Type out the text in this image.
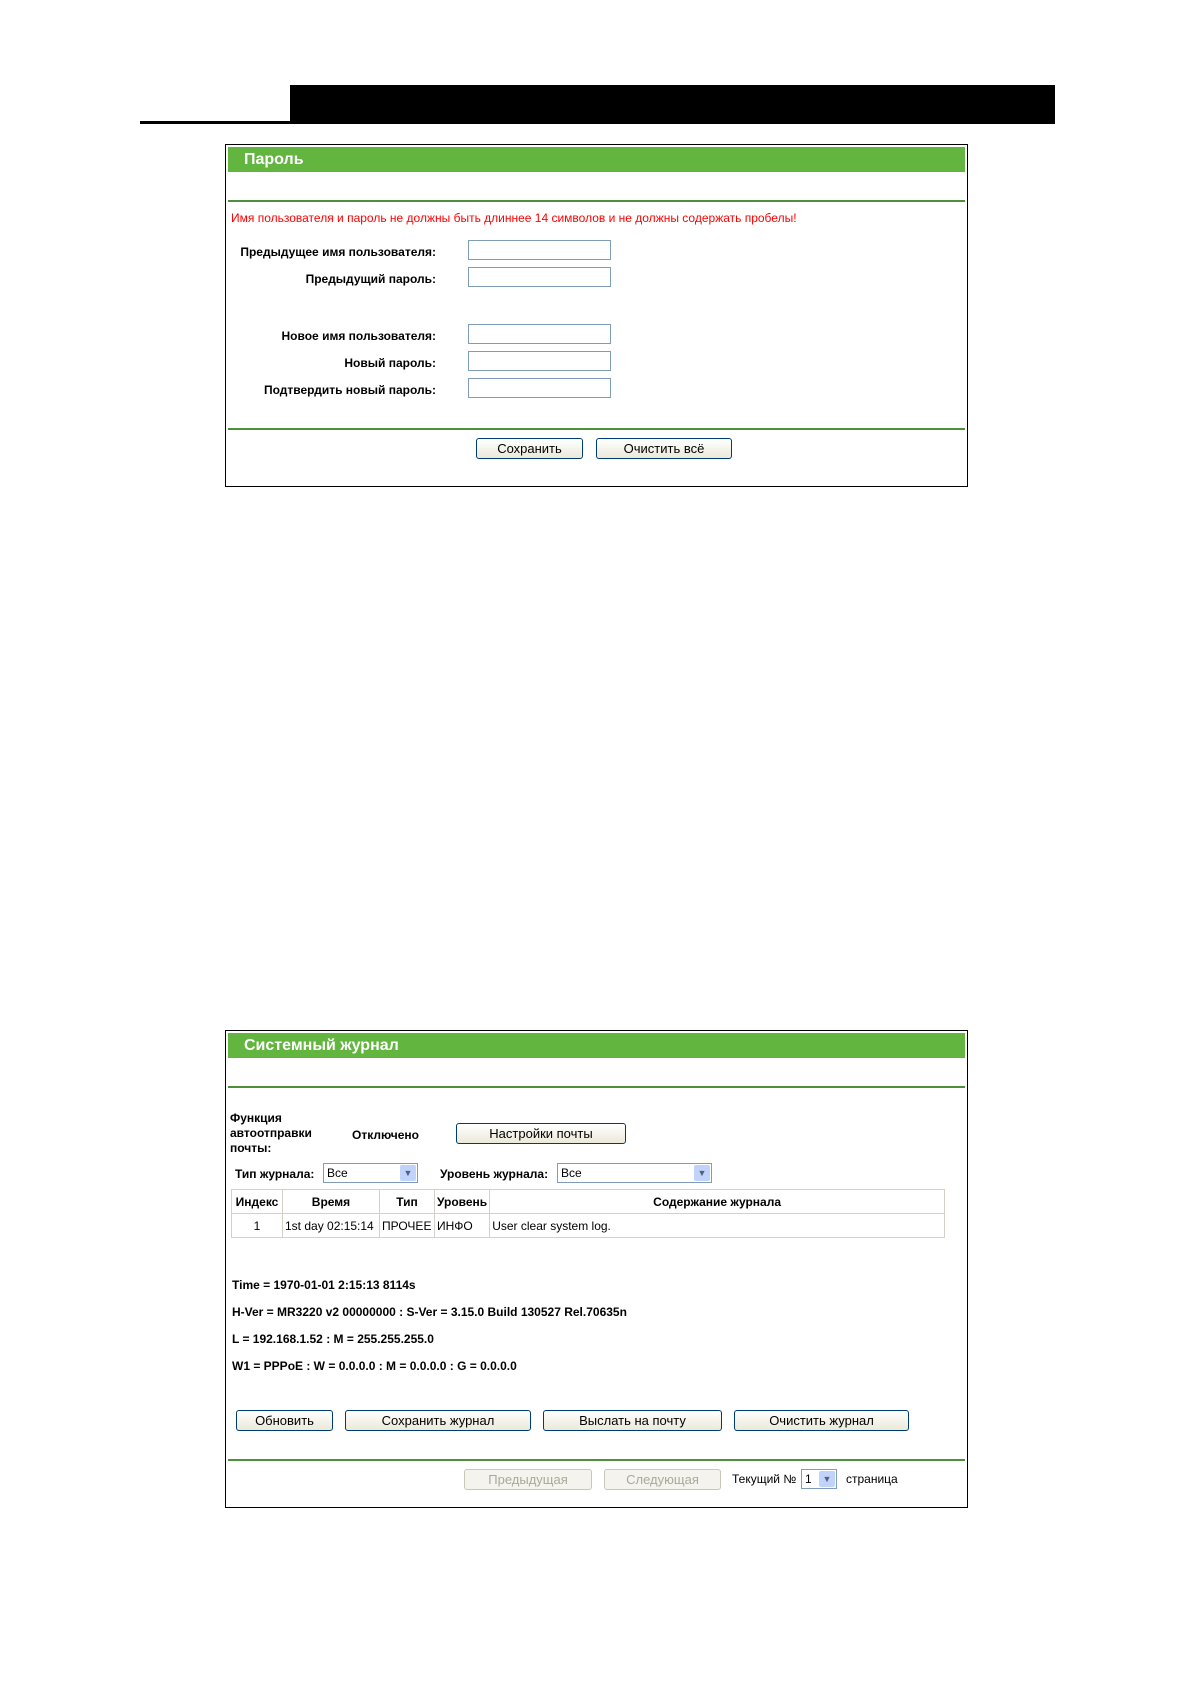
Пароль
Имя пользователя и пароль не должны быть длиннее 14 символов и не должны содержать пробелы!
Предыдущее имя пользователя:
Предыдущий пароль:
Новое имя пользователя:
Новый пароль:
Подтвердить новый пароль:
Сохранить	Очистить всё
Системный журнал
Функция автоотправки почты:
Отключено	Настройки почты
Тип журнала:	Все	▼ Уровень журнала:	Все	▼
Индекс	Время	Тип	Уровень	Содержание журнала
1	1st day 02:15:14	ПРОЧЕЕ	ИНФО	User clear system log.
Time = 1970-01-01 2:15:13 8114s
H-Ver = MR3220 v2 00000000 : S-Ver = 3.15.0 Build 130527 Rel.70635n
L = 192.168.1.52 : M = 255.255.255.0
W1 = PPPoE : W = 0.0.0.0 : M = 0.0.0.0 : G = 0.0.0.0
Обновить	Сохранить журнал	Выслать на почту	Очистить журнал
Предыдущая	Следующая	Текущий № 1	▼ страница
